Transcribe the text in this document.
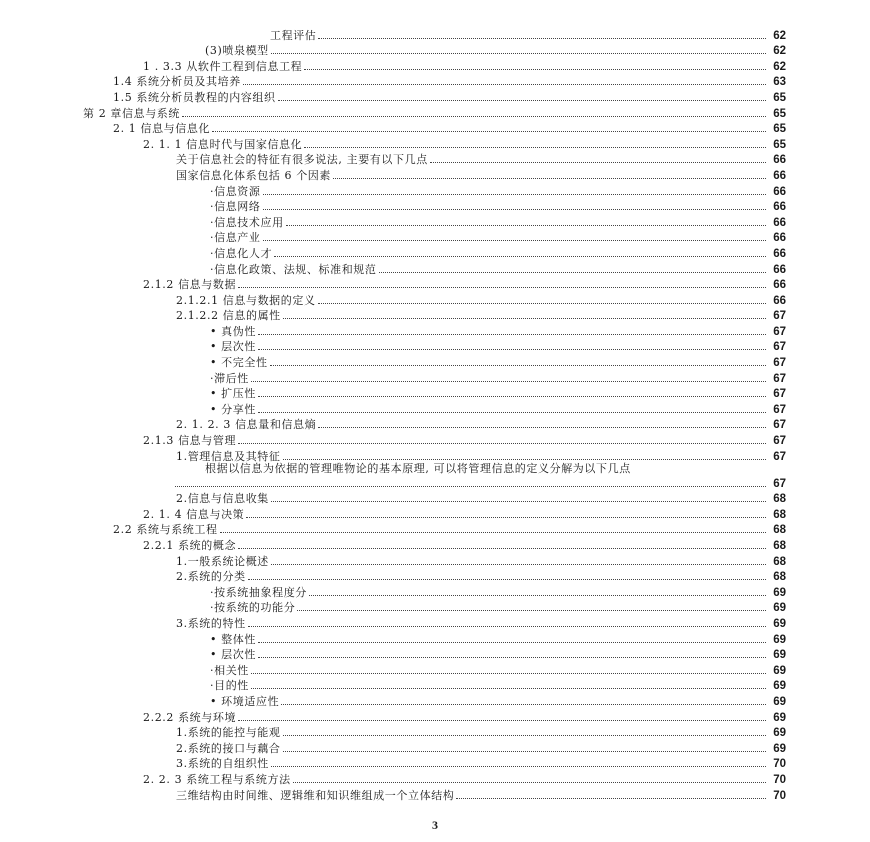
工程评估	62
(3)喷泉模型	62
1 . 3.3 从软件工程到信息工程	62
1.4 系统分析员及其培养	63
1.5 系统分析员教程的内容组织	65
第 2 章信息与系统	65
2. 1 信息与信息化	65
2. 1. 1 信息时代与国家信息化	65
关于信息社会的特征有很多说法, 主要有以下几点	66
国家信息化体系包括 6 个因素	66
·信息资源	66
·信息网络	66
·信息技术应用	66
·信息产业	66
·信息化人才	66
·信息化政策、法规、标准和规范	66
2.1.2 信息与数据	66
2.1.2.1 信息与数据的定义	66
2.1.2.2 信息的属性	67
• 真伪性	67
• 层次性	67
• 不完全性	67
·滞后性	67
• 扩压性	67
• 分享性	67
2. 1. 2. 3 信息量和信息熵	67
2.1.3 信息与管理	67
1.管理信息及其特征	67
根据以信息为依据的管理唯物论的基本原理, 可以将管理信息的定义分解为以下几点
67
2.信息与信息收集	68
2. 1. 4 信息与决策	68
2.2 系统与系统工程	68
2.2.1 系统的概念	68
1.一般系统论概述	68
2.系统的分类	68
·按系统抽象程度分	69
·按系统的功能分	69
3.系统的特性	69
• 整体性	69
• 层次性	69
·相关性	69
·目的性	69
• 环境适应性	69
2.2.2 系统与环境	69
1.系统的能控与能观	69
2.系统的接口与藕合	69
3.系统的自组织性	70
2. 2. 3 系统工程与系统方法	70
三维结构由时间维、逻辑维和知识维组成一个立体结构	70
3
